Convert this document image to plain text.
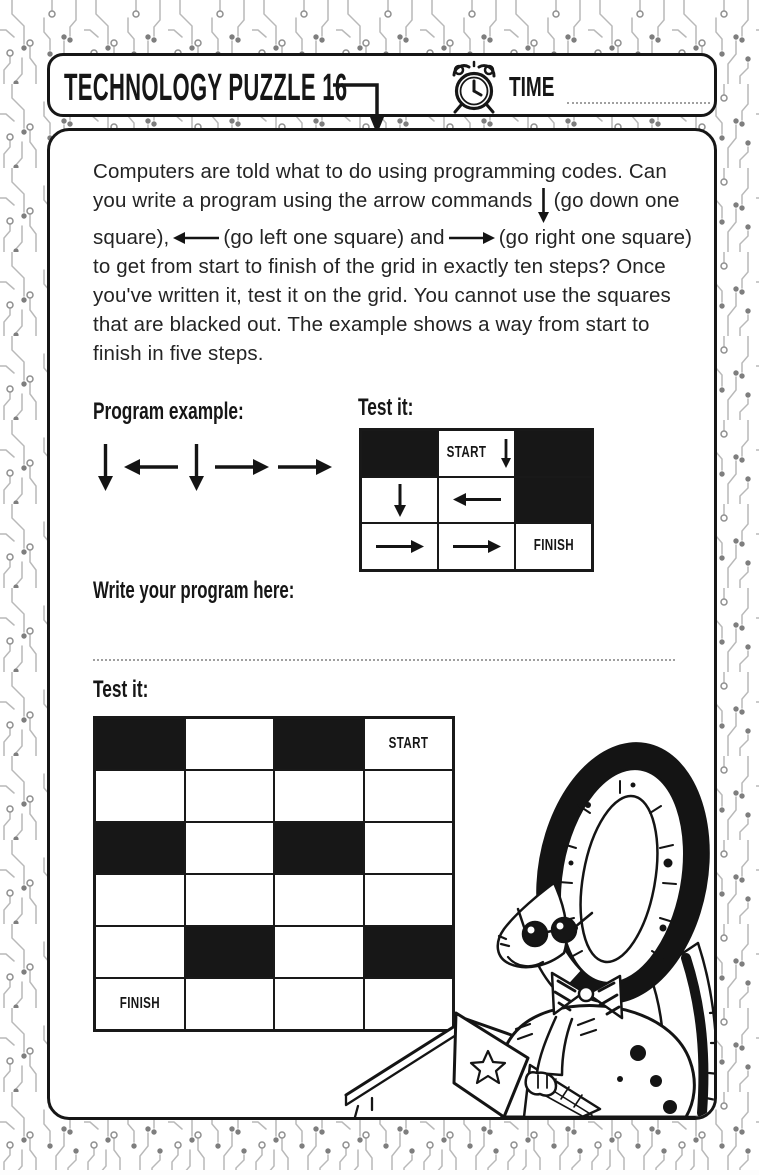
TECHNOLOGY PUZZLE 16	TIME
Computers are told what to do using programming codes. Can
you write a program using the arrow commands (go down one
square),	(go left one square) and	(go right one square)
to get from start to finish of the grid in exactly ten steps? Once
you've written it, test it on the grid. You cannot use the squares
that are blacked out. The example shows a way from start to
finish in five steps.
Program example:	Test it:
START
FINISH
Write your program here:
Test it:
START
FINISH
